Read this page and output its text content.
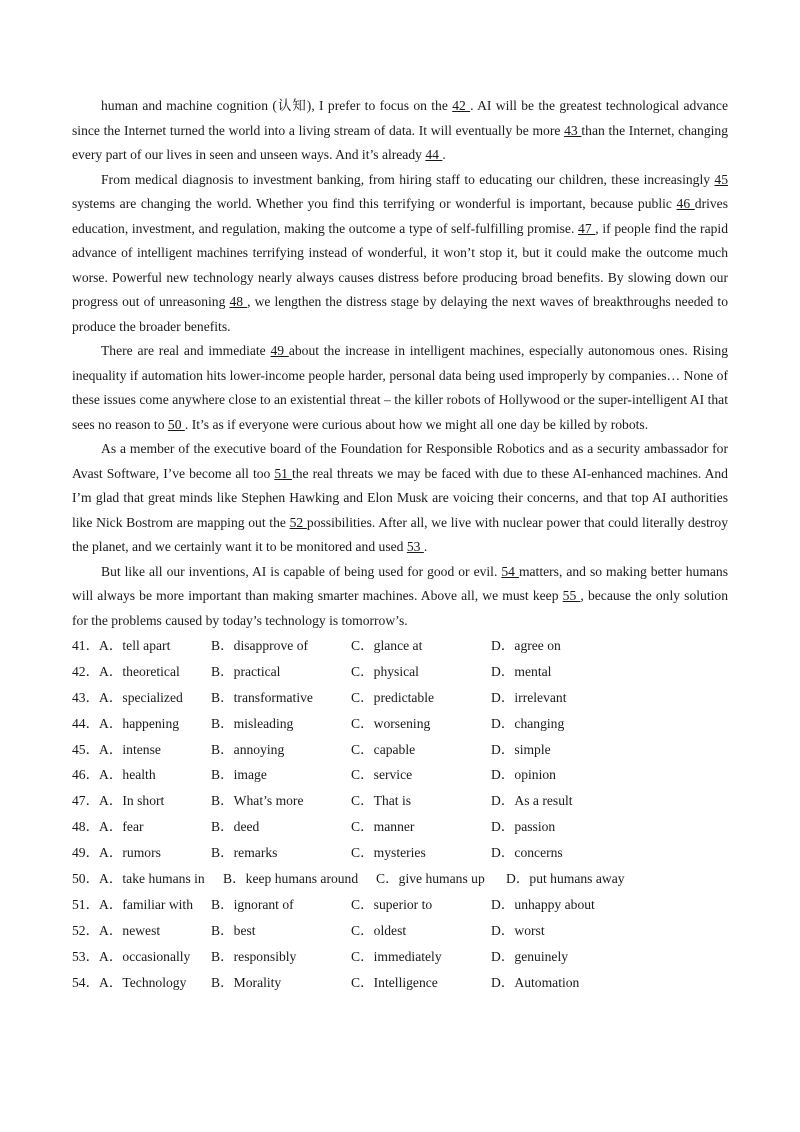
human and machine cognition (认知), I prefer to focus on the 42 . AI will be the greatest technological advance since the Internet turned the world into a living stream of data. It will eventually be more 43 than the Internet, changing every part of our lives in seen and unseen ways. And it’s already 44 .

From medical diagnosis to investment banking, from hiring staff to educating our children, these increasingly 45 systems are changing the world. Whether you find this terrifying or wonderful is important, because public 46 drives education, investment, and regulation, making the outcome a type of self-fulfilling promise. 47 , if people find the rapid advance of intelligent machines terrifying instead of wonderful, it won’t stop it, but it could make the outcome much worse. Powerful new technology nearly always causes distress before producing broad benefits. By slowing down our progress out of unreasoning 48 , we lengthen the distress stage by delaying the next waves of breakthroughs needed to produce the broader benefits.

There are real and immediate 49 about the increase in intelligent machines, especially autonomous ones. Rising inequality if automation hits lower-income people harder, personal data being used improperly by companies… None of these issues come anywhere close to an existential threat – the killer robots of Hollywood or the super-intelligent AI that sees no reason to 50 . It’s as if everyone were curious about how we might all one day be killed by robots.

As a member of the executive board of the Foundation for Responsible Robotics and as a security ambassador for Avast Software, I’ve become all too 51 the real threats we may be faced with due to these AI-enhanced machines. And I’m glad that great minds like Stephen Hawking and Elon Musk are voicing their concerns, and that top AI authorities like Nick Bostrom are mapping out the 52 possibilities. After all, we live with nuclear power that could literally destroy the planet, and we certainly want it to be monitored and used 53 .

But like all our inventions, AI is capable of being used for good or evil. 54 matters, and so making better humans will always be more important than making smarter machines. Above all, we must keep 55 , because the only solution for the problems caused by today’s technology is tomorrow’s.

41． A．tell apart	B．disapprove of	C．glance at	D．agree on
42． A．theoretical B．practical	C．physical	D．mental
43． A．specialized B．transformative	C．predictable	D．irrelevant
44． A．happening B．misleading	C．worsening	D．changing
45． A．intense	B．annoying	C．capable	D．simple
46． A．health	B．image	C．service	D．opinion
47． A．In short	B．What’s more	C．That is	D．As a result
48． A．fear	B．deed	C．manner	D．passion
49． A．rumors	B．remarks	C．mysteries	D．concerns
50． A．take humans in B．keep humans around C．give humans up D．put humans away
51． A．familiar with B．ignorant of	C．superior to	D．unhappy about
52． A．newest	B．best	C．oldest	D．worst
53． A．occasionally B．responsibly	C．immediately	D．genuinely
54． A．Technology B．Morality	C．Intelligence	D．Automation
